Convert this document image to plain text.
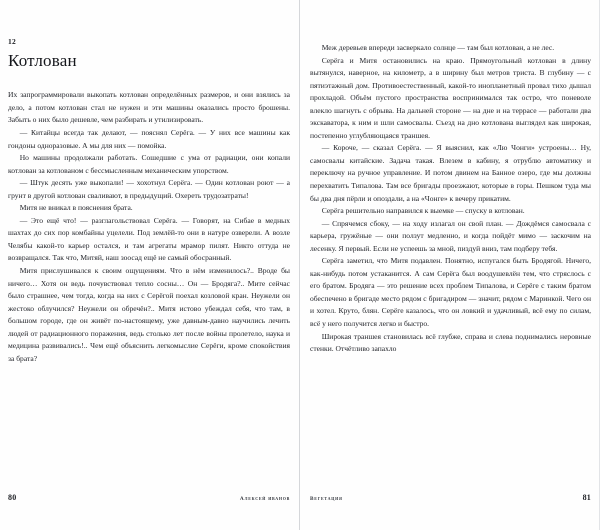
12
Котлован

Их запрограммировали выкопать котлован определённых размеров, и они взялись за дело, а потом котлован стал не нужен и эти машины оказались просто брошены. Забыть о них было дешевле, чем разбирать и утилизировать.

— Китайцы всегда так делают, — пояснял Серёга. — У них все машины как гондоны одноразовые. А мы для них — помойка.

Но машины продолжали работать. Сошедшие с ума от радиации, они копали котлован за котлованом с бессмысленным механическим упорством.

— Штук десять уже выкопали! — хохотнул Серёга. — Один котлован роют — а грунт в другой котлован сваливают, в предыдущий. Охереть трудозатраты!

Митя не вникал в пояснения брата.

— Это ещё что! — разглагольствовал Серёга. — Говорят, на Сибае в медных шахтах до сих пор комбайны уцелели. Под землёй-то они в натуре озверели. А возле Челябы какой-то карьер остался, и там агрегаты мрамор пилят. Никто оттуда не возвращался. Так что, Митяй, наш зоосад ещё не самый обосранный.

Митя прислушивался к своим ощущениям. Что в нём изменилось?.. Вроде бы ничего… Хотя он ведь почувствовал тепло сосны… Он — Бродяга?.. Мите сейчас было страшнее, чем тогда, когда на них с Серёгой поехал козловой кран. Неужели он жестоко облучился? Неужели он обречён?.. Митя истово убеждал себя, что там, в большом городе, где он живёт по-настоящему, уже давным-давно научились лечить людей от радиационного поражения, ведь столько лет после войны пролетело, наука и медицина развивались!.. Чем ещё объяснить легкомыслие Серёги, кроме спокойствия за брата?

80	алексей иванов

Меж деревьев впереди засверкало солнце — там был котлован, а не лес.

Серёга и Митя остановились на краю. Прямоугольный котлован в длину вытянулся, наверное, на километр, а в ширину был метров триста. В глубину — с пятиэтажный дом. Противоестественный, какой-то инопланетный провал тихо дышал прохладой. Объём пустого пространства воспринимался так остро, что поневоле влекло шагнуть с обрыва. На дальней стороне — на дне и на террасе — работали два экскаватора, к ним и шли самосвалы. Съезд на дно котлована выглядел как широкая, постепенно углубляющаяся траншея.

— Короче, — сказал Серёга. — Я выяснил, как «Лю Чонги» устроены… Ну, самосвалы китайские. Задача такая. Влезем в кабину, я отрублю автоматику и переключу на ручное управление. И потом двинем на Банное озеро, где мы должны перехватить Типалова. Там все бригады проезжают, которые в горы. Пешком туда мы бы два дня пёрли и опоздали, а на «Чонге» к вечеру прикатим.

Серёга решительно направился к выемке — спуску в котлован.

— Спрячемся сбоку, — на ходу излагал он свой план. — Дождёмся самосвала с карьера, гружёные — они ползут медленно, и когда пойдёт мимо — заскочим на лесенку. Я первый. Если не успеешь за мной, пиздуй вниз, там подберу тебя.

Серёга заметил, что Митя подавлен. Понятно, испугался быть Бродягой. Ничего, как-нибудь потом устаканится. А сам Серёга был воодушевлён тем, что стряслось с его братом. Бродяга — это решение всех проблем Типалова, и Серёге с таким братом обеспечено в бригаде место рядом с бригадиром — значит, рядом с Маринкой. Чего он и хотел. Круто, блян. Серёге казалось, что он ловкий и удачливый, всё ему по силам, всё у него получится легко и быстро.

Широкая траншея становилась всё глубже, справа и слева поднимались неровные стенки. Отчётливо запахло

Вегетация	81
